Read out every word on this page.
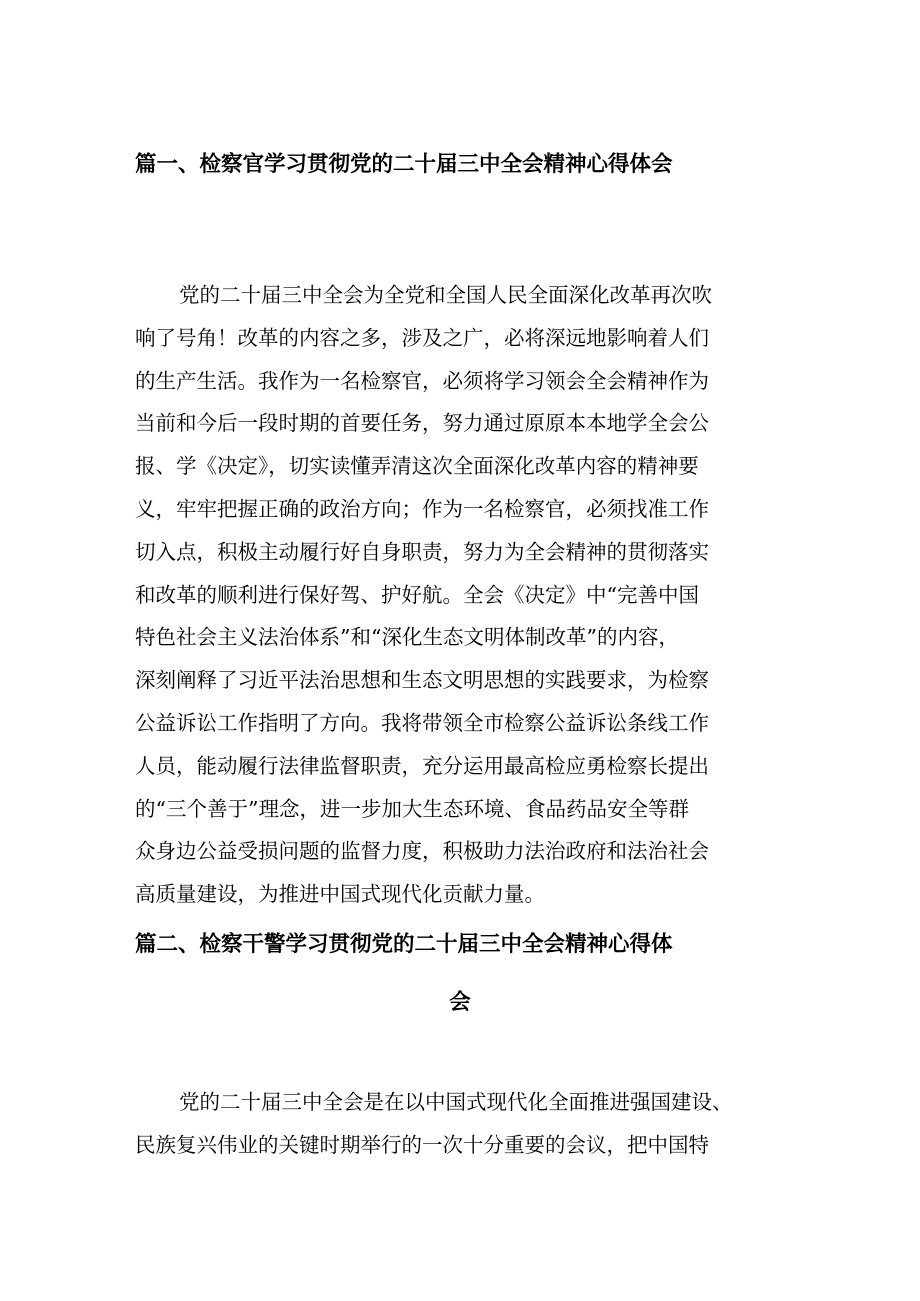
篇一、检察官学习贯彻党的二十届三中全会精神心得体会
党的二十届三中全会为全党和全国人民全面深化改革再次吹
响了号角！改革的内容之多，涉及之广，必将深远地影响着人们
的生产生活。我作为一名检察官，必须将学习领会全会精神作为
当前和今后一段时期的首要任务，努力通过原原本本地学全会公
报、学《决定》，切实读懂弄清这次全面深化改革内容的精神要
义，牢牢把握正确的政治方向；作为一名检察官，必须找准工作
切入点，积极主动履行好自身职责，努力为全会精神的贯彻落实
和改革的顺利进行保好驾、护好航。全会《决定》中“完善中国
特色社会主义法治体系”和“深化生态文明体制改革”的内容，
深刻阐释了习近平法治思想和生态文明思想的实践要求，为检察
公益诉讼工作指明了方向。我将带领全市检察公益诉讼条线工作
人员，能动履行法律监督职责，充分运用最高检应勇检察长提出
的“三个善于”理念，进一步加大生态环境、食品药品安全等群
众身边公益受损问题的监督力度，积极助力法治政府和法治社会
高质量建设，为推进中国式现代化贡献力量。
篇二、检察干警学习贯彻党的二十届三中全会精神心得体
会
党的二十届三中全会是在以中国式现代化全面推进强国建设、
民族复兴伟业的关键时期举行的一次十分重要的会议，把中国特
